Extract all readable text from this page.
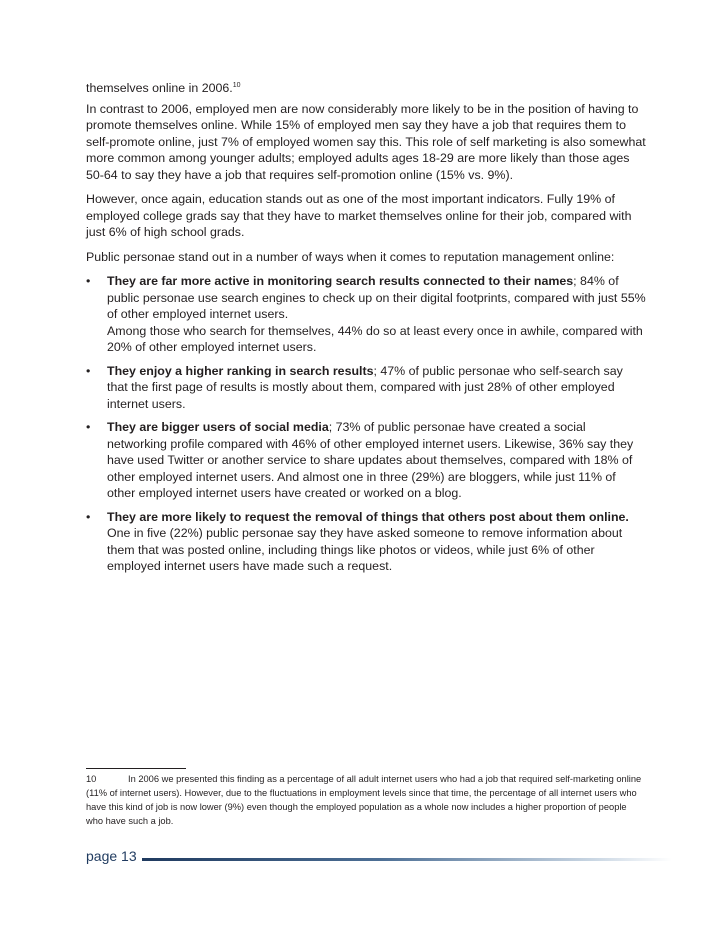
themselves online in 2006.10

In contrast to 2006, employed men are now considerably more likely to be in the position of having to promote themselves online. While 15% of employed men say they have a job that requires them to self-promote online, just 7% of employed women say this. This role of self marketing is also somewhat more common among younger adults; employed adults ages 18-29 are more likely than those ages 50-64 to say they have a job that requires self-promotion online (15% vs. 9%).

However, once again, education stands out as one of the most important indicators. Fully 19% of employed college grads say that they have to market themselves online for their job, compared with just 6% of high school grads.

Public personae stand out in a number of ways when it comes to reputation management online:

• They are far more active in monitoring search results connected to their names; 84% of public personae use search engines to check up on their digital footprints, compared with just 55% of other employed internet users.
Among those who search for themselves, 44% do so at least every once in awhile, compared with 20% of other employed internet users.
• They enjoy a higher ranking in search results; 47% of public personae who self-search say that the first page of results is mostly about them, compared with just 28% of other employed internet users.
• They are bigger users of social media; 73% of public personae have created a social networking profile compared with 46% of other employed internet users. Likewise, 36% say they have used Twitter or another service to share updates about themselves, compared with 18% of other employed internet users. And almost one in three (29%) are bloggers, while just 11% of other employed internet users have created or worked on a blog.
• They are more likely to request the removal of things that others post about them online. One in five (22%) public personae say they have asked someone to remove information about them that was posted online, including things like photos or videos, while just 6% of other employed internet users have made such a request.
10	In 2006 we presented this finding as a percentage of all adult internet users who had a job that required self-marketing online (11% of internet users). However, due to the fluctuations in employment levels since that time, the percentage of all internet users who have this kind of job is now lower (9%) even though the employed population as a whole now includes a higher proportion of people who have such a job.
page 13
